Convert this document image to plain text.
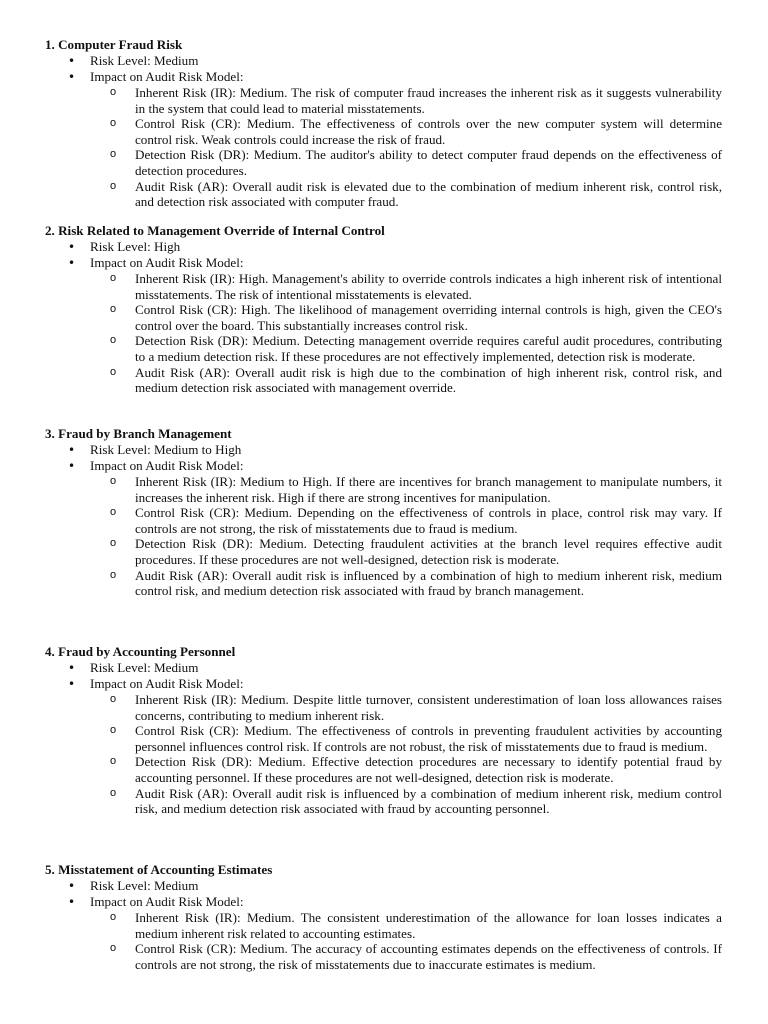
1. Computer Fraud Risk
• Risk Level: Medium
• Impact on Audit Risk Model:
o Inherent Risk (IR): Medium. The risk of computer fraud increases the inherent risk as it suggests vulnerability in the system that could lead to material misstatements.
o Control Risk (CR): Medium. The effectiveness of controls over the new computer system will determine control risk. Weak controls could increase the risk of fraud.
o Detection Risk (DR): Medium. The auditor's ability to detect computer fraud depends on the effectiveness of detection procedures.
o Audit Risk (AR): Overall audit risk is elevated due to the combination of medium inherent risk, control risk, and detection risk associated with computer fraud.
2. Risk Related to Management Override of Internal Control
• Risk Level: High
• Impact on Audit Risk Model:
o Inherent Risk (IR): High. Management's ability to override controls indicates a high inherent risk of intentional misstatements. The risk of intentional misstatements is elevated.
o Control Risk (CR): High. The likelihood of management overriding internal controls is high, given the CEO's control over the board. This substantially increases control risk.
o Detection Risk (DR): Medium. Detecting management override requires careful audit procedures, contributing to a medium detection risk. If these procedures are not effectively implemented, detection risk is moderate.
o Audit Risk (AR): Overall audit risk is high due to the combination of high inherent risk, control risk, and medium detection risk associated with management override.
3. Fraud by Branch Management
• Risk Level: Medium to High
• Impact on Audit Risk Model:
o Inherent Risk (IR): Medium to High. If there are incentives for branch management to manipulate numbers, it increases the inherent risk. High if there are strong incentives for manipulation.
o Control Risk (CR): Medium. Depending on the effectiveness of controls in place, control risk may vary. If controls are not strong, the risk of misstatements due to fraud is medium.
o Detection Risk (DR): Medium. Detecting fraudulent activities at the branch level requires effective audit procedures. If these procedures are not well-designed, detection risk is moderate.
o Audit Risk (AR): Overall audit risk is influenced by a combination of high to medium inherent risk, medium control risk, and medium detection risk associated with fraud by branch management.
4. Fraud by Accounting Personnel
• Risk Level: Medium
• Impact on Audit Risk Model:
o Inherent Risk (IR): Medium. Despite little turnover, consistent underestimation of loan loss allowances raises concerns, contributing to medium inherent risk.
o Control Risk (CR): Medium. The effectiveness of controls in preventing fraudulent activities by accounting personnel influences control risk. If controls are not robust, the risk of misstatements due to fraud is medium.
o Detection Risk (DR): Medium. Effective detection procedures are necessary to identify potential fraud by accounting personnel. If these procedures are not well-designed, detection risk is moderate.
o Audit Risk (AR): Overall audit risk is influenced by a combination of medium inherent risk, medium control risk, and medium detection risk associated with fraud by accounting personnel.
5. Misstatement of Accounting Estimates
• Risk Level: Medium
• Impact on Audit Risk Model:
o Inherent Risk (IR): Medium. The consistent underestimation of the allowance for loan losses indicates a medium inherent risk related to accounting estimates.
o Control Risk (CR): Medium. The accuracy of accounting estimates depends on the effectiveness of controls. If controls are not strong, the risk of misstatements due to inaccurate estimates is medium.
